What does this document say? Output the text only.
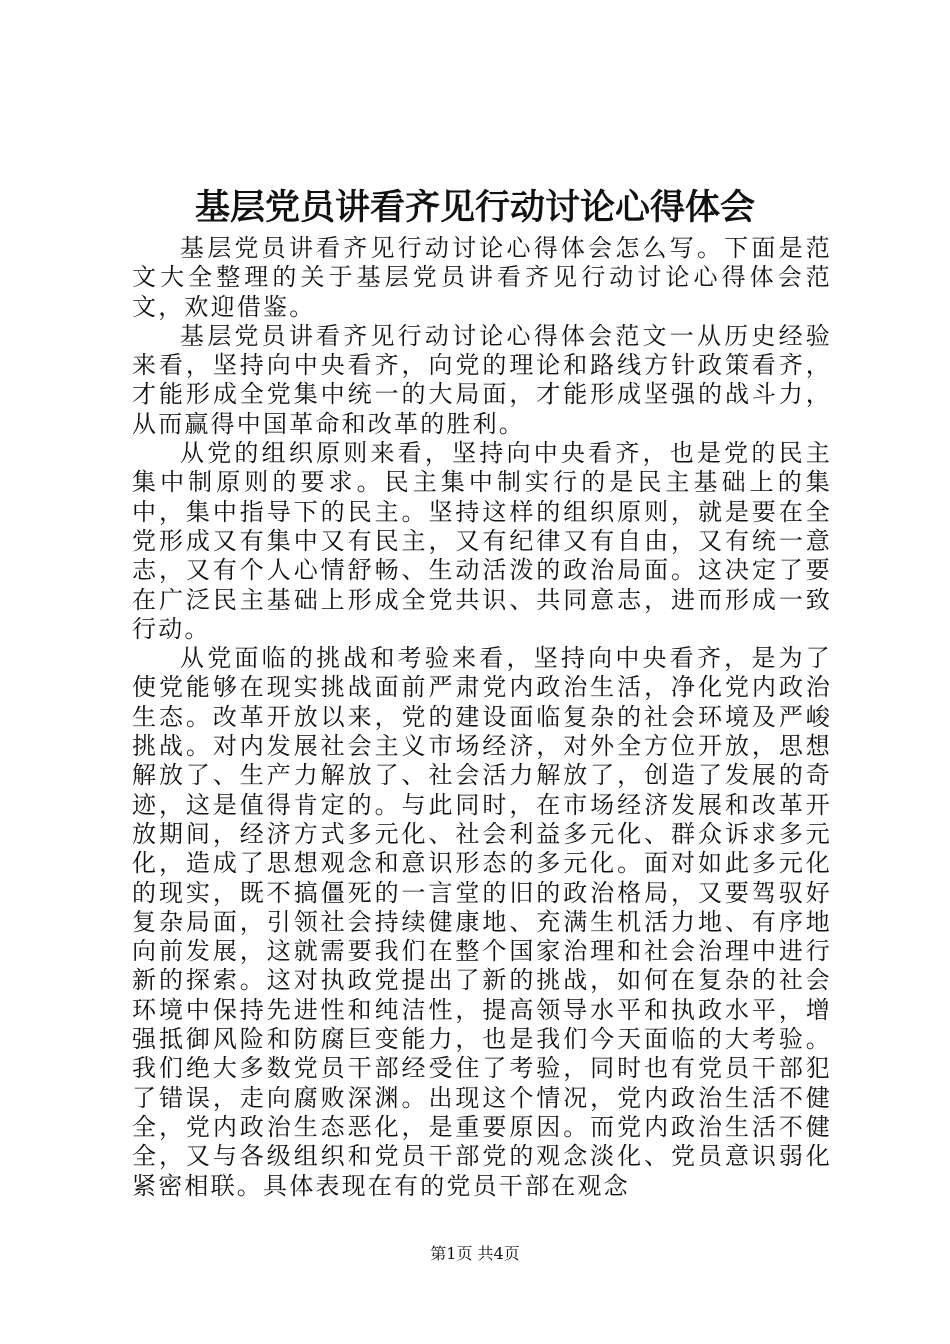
基层党员讲看齐见行动讨论心得体会

基层党员讲看齐见行动讨论心得体会怎么写。下面是范文大全整理的关于基层党员讲看齐见行动讨论心得体会范文，欢迎借鉴。

基层党员讲看齐见行动讨论心得体会范文一从历史经验来看，坚持向中央看齐，向党的理论和路线方针政策看齐，才能形成全党集中统一的大局面，才能形成坚强的战斗力，从而赢得中国革命和改革的胜利。

从党的组织原则来看，坚持向中央看齐，也是党的民主集中制原则的要求。民主集中制实行的是民主基础上的集中，集中指导下的民主。坚持这样的组织原则，就是要在全党形成又有集中又有民主，又有纪律又有自由，又有统一意志，又有个人心情舒畅、生动活泼的政治局面。这决定了要在广泛民主基础上形成全党共识、共同意志，进而形成一致行动。

从党面临的挑战和考验来看，坚持向中央看齐，是为了使党能够在现实挑战面前严肃党内政治生活，净化党内政治生态。改革开放以来，党的建设面临复杂的社会环境及严峻挑战。对内发展社会主义市场经济，对外全方位开放，思想解放了、生产力解放了、社会活力解放了，创造了发展的奇迹，这是值得肯定的。与此同时，在市场经济发展和改革开放期间，经济方式多元化、社会利益多元化、群众诉求多元化，造成了思想观念和意识形态的多元化。面对如此多元化的现实，既不搞僵死的一言堂的旧的政治格局，又要驾驭好复杂局面，引领社会持续健康地、充满生机活力地、有序地向前发展，这就需要我们在整个国家治理和社会治理中进行新的探索。这对执政党提出了新的挑战，如何在复杂的社会环境中保持先进性和纯洁性，提高领导水平和执政水平，增强抵御风险和防腐巨变能力，也是我们今天面临的大考验。我们绝大多数党员干部经受住了考验，同时也有党员干部犯了错误，走向腐败深渊。出现这个情况，党内政治生活不健全，党内政治生态恶化，是重要原因。而党内政治生活不健全，又与各级组织和党员干部党的观念淡化、党员意识弱化紧密相联。具体表现在有的党员干部在观念

第1页 共4页
